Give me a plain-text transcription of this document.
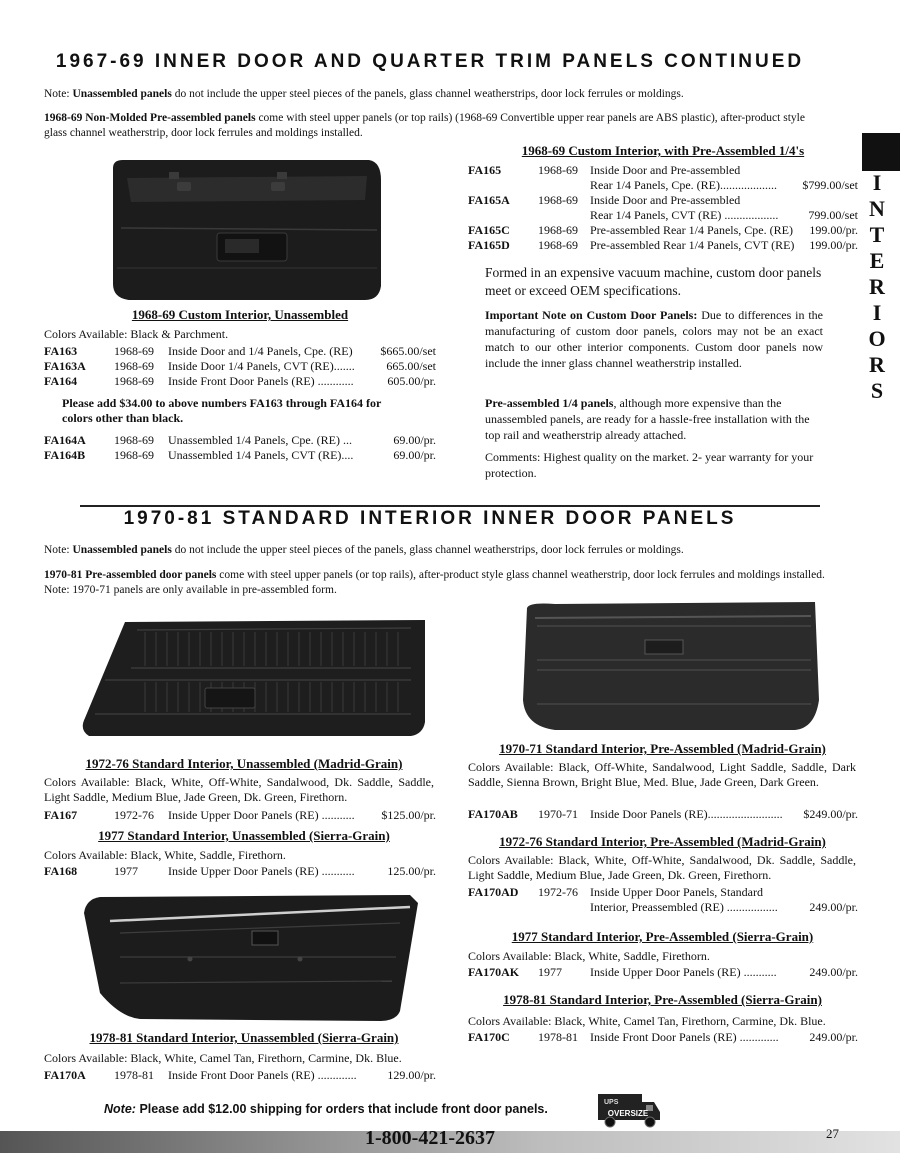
1967-69 INNER DOOR AND QUARTER TRIM PANELS CONTINUED
Note: Unassembled panels do not include the upper steel pieces of the panels, glass channel weatherstrips, door lock ferrules or moldings.
1968-69 Non-Molded Pre-assembled panels come with steel upper panels (or top rails) (1968-69 Convertible upper rear panels are ABS plastic), after-product style
glass channel weatherstrip, door lock ferrules and moldings installed.
I
N
T
E
R
I
O
R
S
1968-69 Custom Interior, Unassembled
Colors Available: Black & Parchment.
FA163	1968-69	Inside Door and 1/4 Panels, Cpe. (RE)	$665.00/set
FA163A	1968-69	Inside Door 1/4 Panels, CVT (RE).......	665.00/set
FA164	1968-69	Inside Front Door Panels (RE) ............	605.00/pr.
Please add $34.00 to above numbers FA163 through FA164 for
colors other than black.
FA164A	1968-69	Unassembled 1/4 Panels, Cpe. (RE) ...	69.00/pr.
FA164B	1968-69	Unassembled 1/4 Panels, CVT (RE)....	69.00/pr.
1968-69 Custom Interior, with Pre-Assembled 1/4's
FA165	1968-69	Inside Door and Pre-assembled
Rear 1/4 Panels, Cpe. (RE)...................	$799.00/set
FA165A	1968-69	Inside Door and Pre-assembled
Rear 1/4 Panels, CVT (RE) ..................	799.00/set
FA165C	1968-69	Pre-assembled Rear 1/4 Panels, Cpe. (RE)	199.00/pr.
FA165D	1968-69	Pre-assembled Rear 1/4 Panels, CVT (RE)	199.00/pr.
Formed in an expensive vacuum machine, custom door panels meet or exceed OEM specifications.
Important Note on Custom Door Panels: Due to differences in the manufacturing of custom door panels, colors may not be an exact match to our other interior components. Custom door panels now include the inner glass channel weatherstrip installed.
Pre-assembled 1/4 panels, although more expensive than the unassembled panels, are ready for a hassle-free installation with the top rail and weatherstrip already attached.
Comments: Highest quality on the market. 2- year warranty for your protection.
1970-81 STANDARD INTERIOR INNER DOOR PANELS
Note: Unassembled panels do not include the upper steel pieces of the panels, glass channel weatherstrips, door lock ferrules or moldings.
1970-81 Pre-assembled door panels come with steel upper panels (or top rails), after-product style glass channel weatherstrip, door lock ferrules and moldings installed.
Note: 1970-71 panels are only available in pre-assembled form.
1972-76 Standard Interior, Unassembled (Madrid-Grain)
Colors Available: Black, White, Off-White, Sandalwood, Dk. Saddle, Saddle, Light Saddle, Medium Blue, Jade Green, Dk. Green, Firethorn.
FA167	1972-76	Inside Upper Door Panels (RE) ...........	$125.00/pr.
1977 Standard Interior, Unassembled (Sierra-Grain)
Colors Available: Black, White, Saddle, Firethorn.
FA168	1977	Inside Upper Door Panels (RE) ...........	125.00/pr.
1978-81 Standard Interior, Unassembled (Sierra-Grain)
Colors Available: Black, White, Camel Tan, Firethorn, Carmine, Dk. Blue.
FA170A	1978-81	Inside Front Door Panels (RE) .............	129.00/pr.
1970-71 Standard Interior, Pre-Assembled (Madrid-Grain)
Colors Available: Black, Off-White, Sandalwood, Light Saddle, Saddle, Dark Saddle, Sienna Brown, Bright Blue, Med. Blue, Jade Green, Dark Green.
FA170AB	1970-71	Inside Door Panels (RE).........................	$249.00/pr.
1972-76 Standard Interior, Pre-Assembled (Madrid-Grain)
Colors Available: Black, White, Off-White, Sandalwood, Dk. Saddle, Saddle, Light Saddle, Medium Blue, Jade Green, Dk. Green, Firethorn.
FA170AD	1972-76	Inside Upper Door Panels, Standard
Interior, Preassembled (RE) .................	249.00/pr.
1977 Standard Interior, Pre-Assembled (Sierra-Grain)
Colors Available: Black, White, Saddle, Firethorn.
FA170AK	1977	Inside Upper Door Panels (RE) ...........	249.00/pr.
1978-81 Standard Interior, Pre-Assembled (Sierra-Grain)
Colors Available: Black, White, Camel Tan, Firethorn, Carmine, Dk. Blue.
FA170C	1978-81	Inside Front Door Panels (RE) .............	249.00/pr.
Note: Please add $12.00 shipping for orders that include front door panels.	UPS
OVERSIZE
1-800-421-2637	27
